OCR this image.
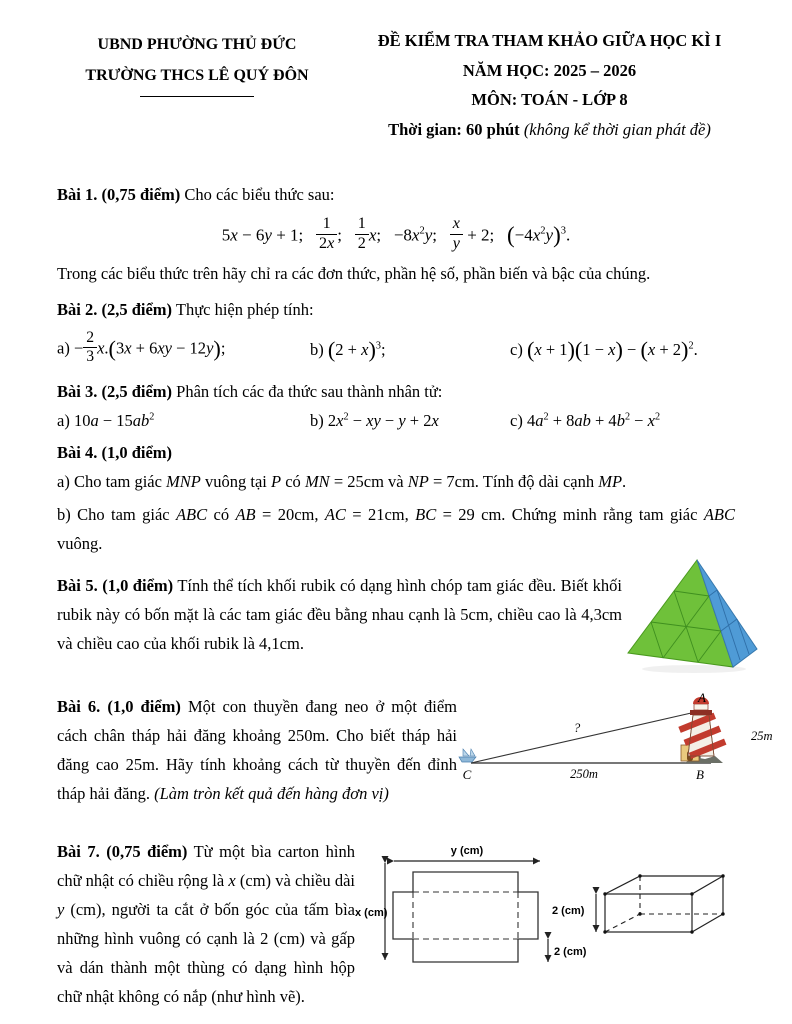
UBND PHƯỜNG THỦ ĐỨC
TRƯỜNG THCS LÊ QUÝ ĐÔN
ĐỀ KIỂM TRA THAM KHẢO GIỮA HỌC KÌ I
NĂM HỌC: 2025 – 2026
MÔN: TOÁN - LỚP 8
Thời gian: 60 phút (không kể thời gian phát đề)

Bài 1. (0,75 điểm) Cho các biểu thức sau:

5x − 6y + 1; $\frac{1}{2x}$ ; $\frac{1}{2} x$;   $-8x^2y$; $\frac{x}{y} + 2$;   $(-4x^2y)^3$.

Trong các biểu thức trên hãy chỉ ra các đơn thức, phần hệ số, phần biến và bậc của chúng.

Bài 2. (2,5 điểm) Thực hiện phép tính:

$a) - \frac{2}{3} x.(3x + 6xy - 12y)$;	b) $(2 + x)^3$;	c) $(x + 1)(1 - x) - (x + 2)^2$.

Bài 3. (2,5 điểm) Phân tích các đa thức sau thành nhân tử:

a) $10a - 15ab^2$	b) $2x^2$ − xy − y + 2x	c) $4a^2 + 8ab + 4b^2 - x^2$

Bài 4. (1,0 điểm)

a) Cho tam giác MNP vuông tại P có MN = 25cm và NP = 7cm. Tính độ dài cạnh MP.

b) Cho tam giác ABC có AB = 20cm, AC = 21cm, BC = 29 cm. Chứng minh rằng tam giác ABC vuông.

Bài 5. (1,0 điểm) Tính thể tích khối rubik có dạng hình chóp tam giác đều. Biết khối rubik này có bốn mặt là các tam giác đều bằng nhau cạnh là 5cm, chiều cao là 4,3cm và chiều cao của khối rubik là 4,1cm.

Bài 6. (1,0 điểm) Một con thuyền đang neo ở một điểm cách chân tháp hải đăng khoảng 250m. Cho biết tháp hải đăng cao 25m. Hãy tính khoảng cách từ thuyền đến đỉnh tháp hải đăng. (Làm tròn kết quả đến hàng đơn vị)

A
B
C
?
250m
25m

Bài 7. (0,75 điểm) Từ một bìa carton hình chữ nhật có chiều rộng là x (cm) và chiều dài y (cm), người ta cắt ở bốn góc của tấm bìa những hình vuông có cạnh là 2 (cm) và gấp và dán thành một thùng có dạng hình hộp chữ nhật không có nắp (như hình vẽ).

y (cm)
x (cm)
2 (cm)
2 (cm)
